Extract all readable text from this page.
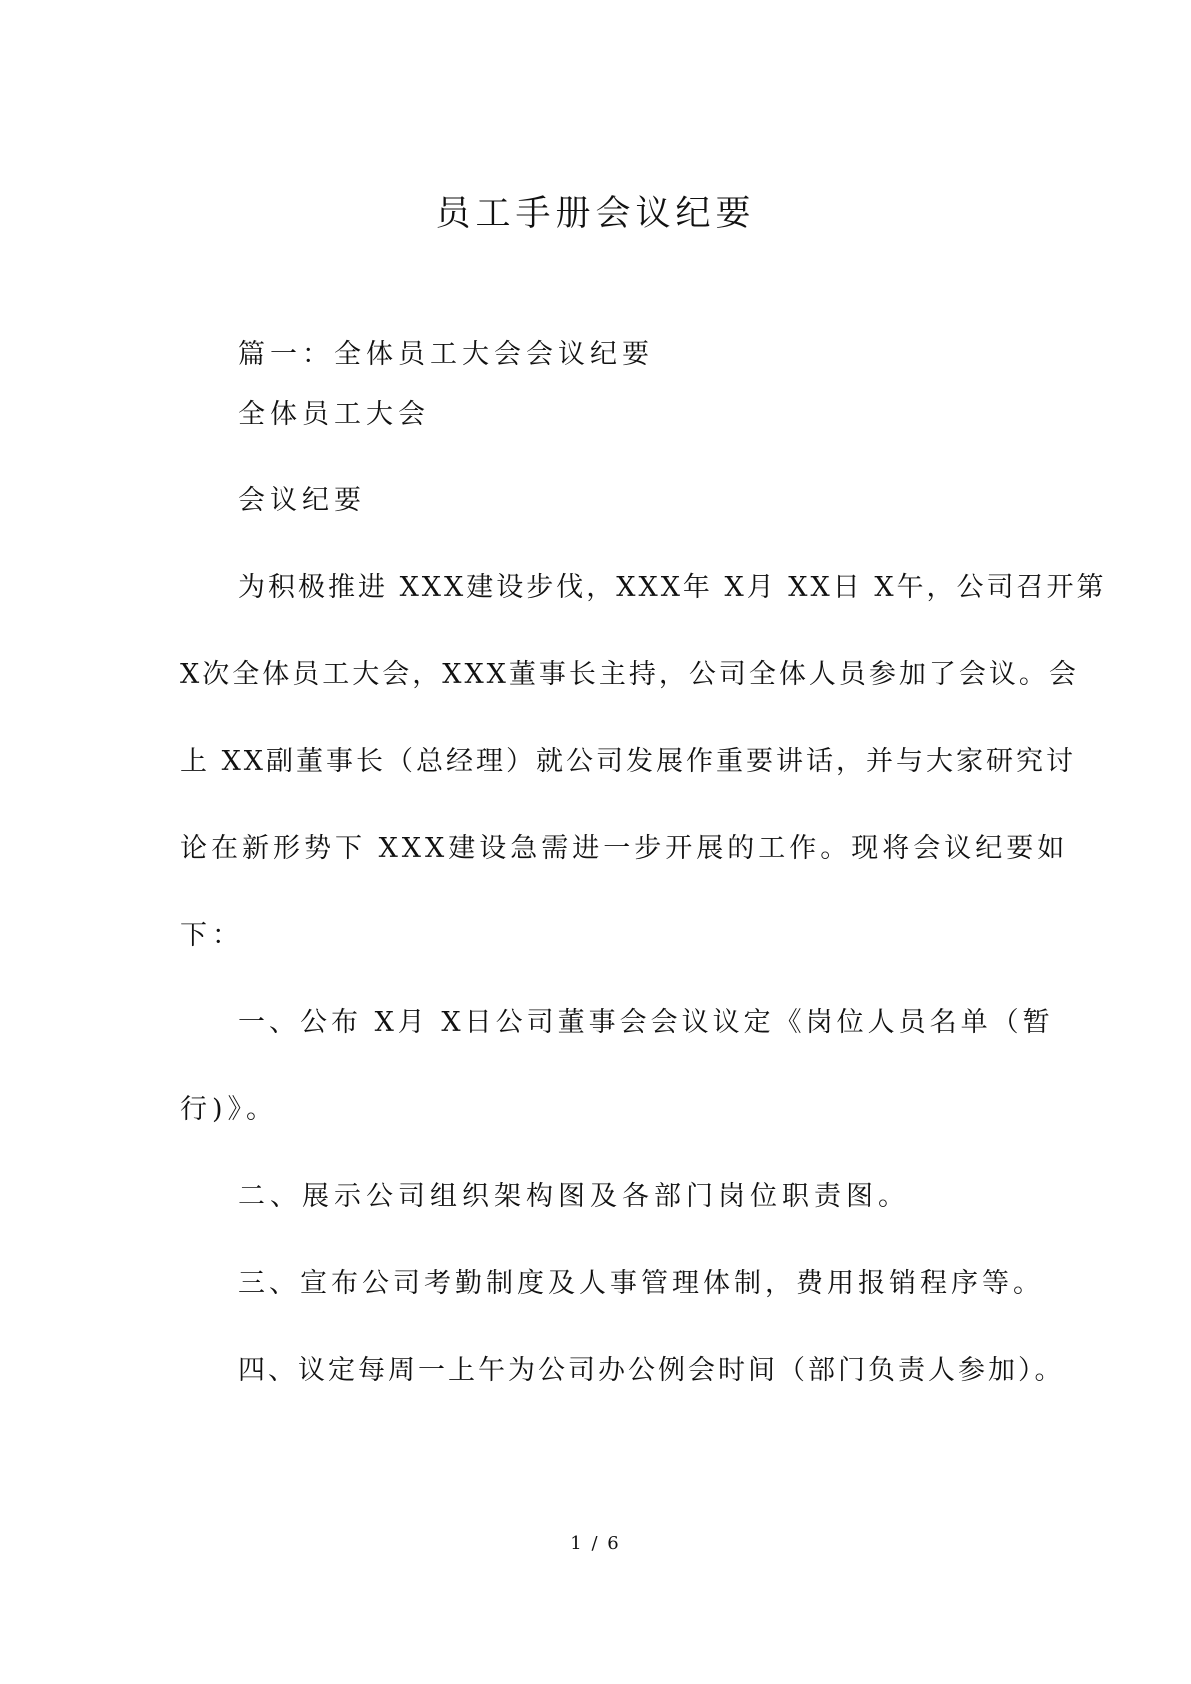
员工手册会议纪要
篇一：全体员工大会会议纪要
全体员工大会
会议纪要
为积极推进 XXX建设步伐，XXX年 X月 XX日 X午，公司召开第
X次全体员工大会，XXX董事长主持，公司全体人员参加了会议。会
上 XX副董事长（总经理）就公司发展作重要讲话，并与大家研究讨
论在新形势下 XXX建设急需进一步开展的工作。现将会议纪要如
下：
一、公布 X月 X日公司董事会会议议定《岗位人员名单（暂
行)》。
二、展示公司组织架构图及各部门岗位职责图。
三、宣布公司考勤制度及人事管理体制，费用报销程序等。
四、议定每周一上午为公司办公例会时间（部门负责人参加）。
1 / 6
